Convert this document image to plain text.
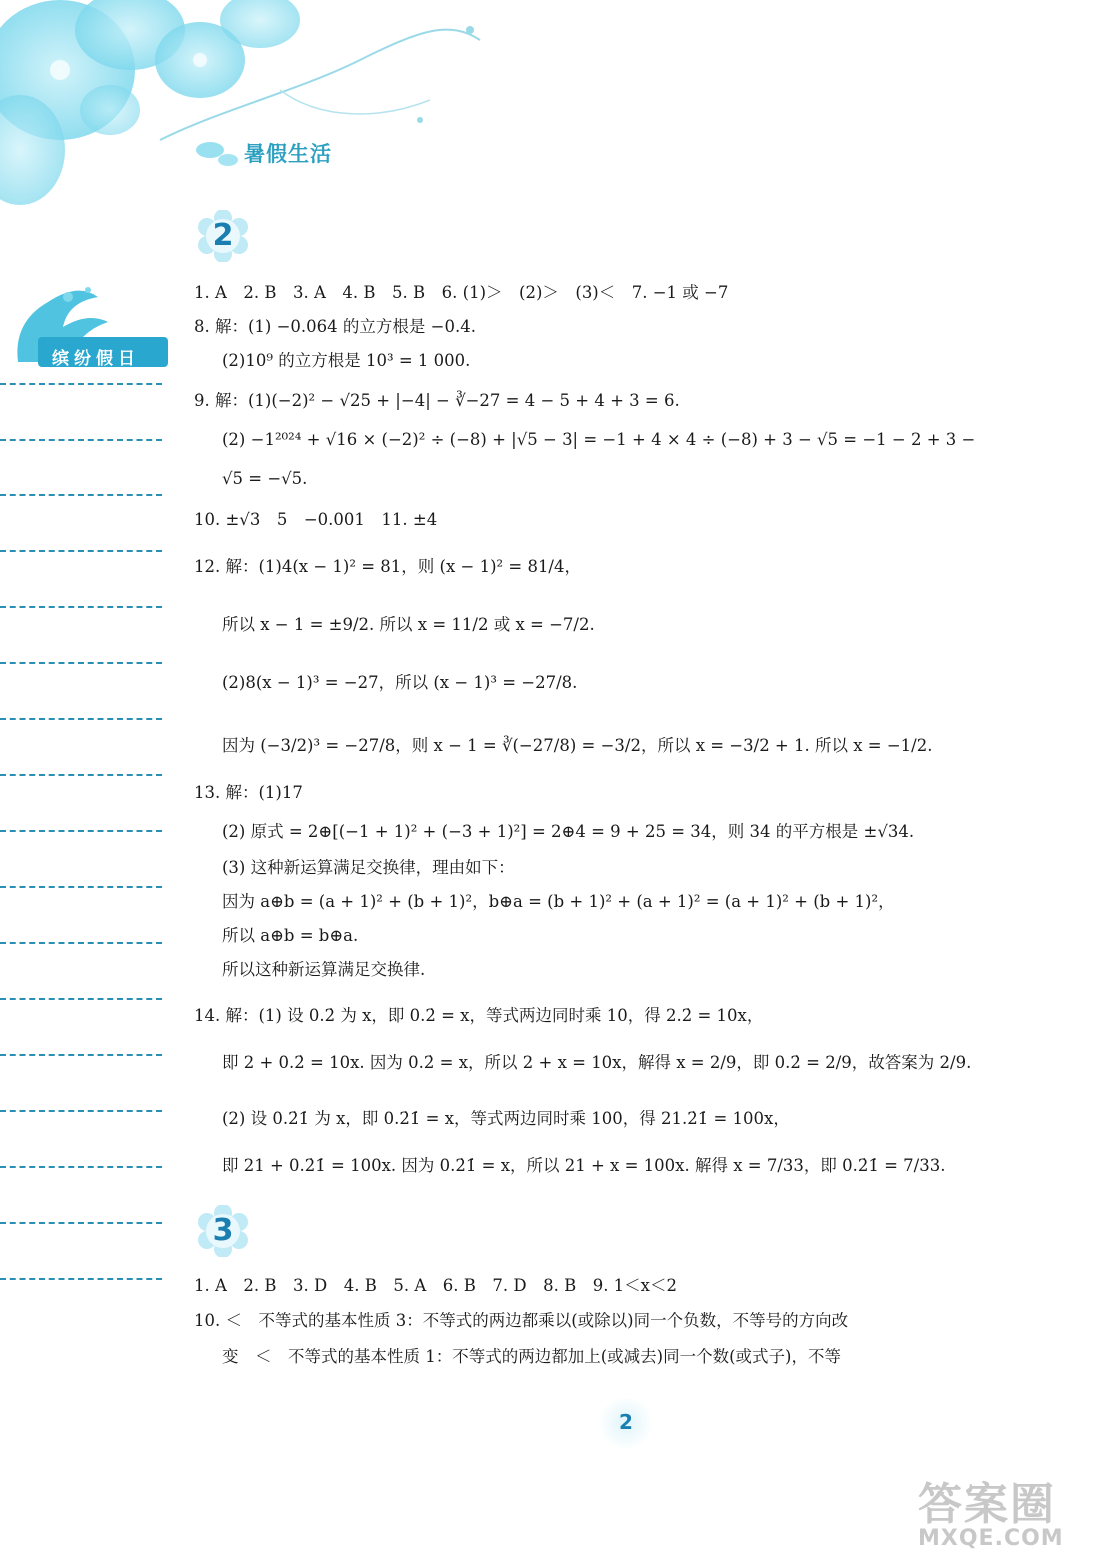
暑假生活
缤纷假日
2
1. A　2. B　3. A　4. B　5. B　6. (1)＞　(2)＞　(3)＜　7. −1 或 −7
8. 解：(1) −0.064 的立方根是 −0.4.
(2)10⁹ 的立方根是 10³ = 1 000.
9. 解：(1)(−2)² − √25 + |−4| − ∛−27 = 4 − 5 + 4 + 3 = 6.
(2) −1²⁰²⁴ + √16 × (−2)² ÷ (−8) + |√5 − 3| = −1 + 4 × 4 ÷ (−8) + 3 − √5 = −1 − 2 + 3 −
√5 = −√5.
10. ±√3　5　−0.001　11. ±4
12. 解：(1)4(x − 1)² = 81，则 (x − 1)² = 81/4，
所以 x − 1 = ±9/2. 所以 x = 11/2 或 x = −7/2.
(2)8(x − 1)³ = −27，所以 (x − 1)³ = −27/8.
因为 (−3/2)³ = −27/8，则 x − 1 = ∛(−27/8) = −3/2，所以 x = −3/2 + 1. 所以 x = −1/2.
13. 解：(1)17
(2) 原式 = 2⊕[(−1 + 1)² + (−3 + 1)²] = 2⊕4 = 9 + 25 = 34，则 34 的平方根是 ±√34.
(3) 这种新运算满足交换律，理由如下：
因为 a⊕b = (a + 1)² + (b + 1)²，b⊕a = (b + 1)² + (a + 1)² = (a + 1)² + (b + 1)²，
所以 a⊕b = b⊕a.
所以这种新运算满足交换律.
14. 解：(1) 设 0.2̇ 为 x，即 0.2̇ = x，等式两边同时乘 10，得 2.2̇ = 10x，
即 2 + 0.2̇ = 10x. 因为 0.2̇ = x，所以 2 + x = 10x，解得 x = 2/9，即 0.2̇ = 2/9，故答案为 2/9.
(2) 设 0.2̇1̇ 为 x，即 0.2̇1̇ = x，等式两边同时乘 100，得 21.2̇1̇ = 100x，
即 21 + 0.2̇1̇ = 100x. 因为 0.2̇1̇ = x，所以 21 + x = 100x. 解得 x = 7/33，即 0.2̇1̇ = 7/33.
3
1. A　2. B　3. D　4. B　5. A　6. B　7. D　8. B　9. 1＜x＜2
10. ＜　不等式的基本性质 3：不等式的两边都乘以(或除以)同一个负数，不等号的方向改
变　＜　不等式的基本性质 1：不等式的两边都加上(或减去)同一个数(或式子)，不等
2
答案圈
MXQE.COM
